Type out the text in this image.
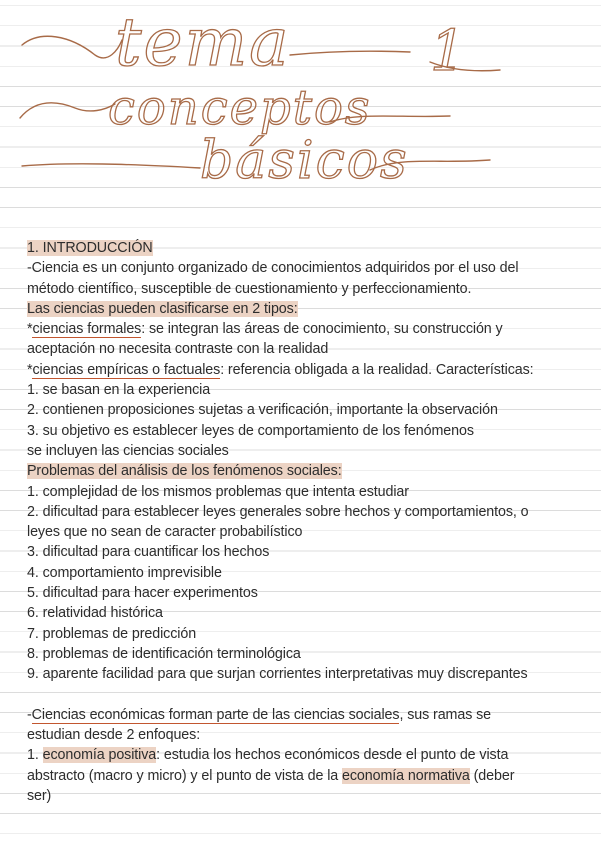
tema 1
conceptos
básicos
1. INTRODUCCIÓN
-Ciencia es un conjunto organizado de conocimientos adquiridos por el uso del
método científico, susceptible de cuestionamiento y perfeccionamiento.
Las ciencias pueden clasificarse en 2 tipos:
*ciencias formales: se integran las áreas de conocimiento, su construcción y
aceptación no necesita contraste con la realidad
*ciencias empíricas o factuales: referencia obligada a la realidad. Características:
1. se basan en la experiencia
2. contienen proposiciones sujetas a verificación, importante la observación
3. su objetivo es establecer leyes de comportamiento de los fenómenos
se incluyen las ciencias sociales
Problemas del análisis de los fenómenos sociales:
1. complejidad de los mismos problemas que intenta estudiar
2. dificultad para establecer leyes generales sobre hechos y comportamientos, o
leyes que no sean de caracter probabilístico
3. dificultad para cuantificar los hechos
4. comportamiento imprevisible
5. dificultad para hacer experimentos
6. relatividad histórica
7. problemas de predicción
8. problemas de identificación terminológica
9. aparente facilidad para que surjan corrientes interpretativas muy discrepantes
-Ciencias económicas forman parte de las ciencias sociales, sus ramas se
estudian desde 2 enfoques:
1. economía positiva: estudia los hechos económicos desde el punto de vista
abstracto (macro y micro) y el punto de vista de la economía normativa (deber
ser)
